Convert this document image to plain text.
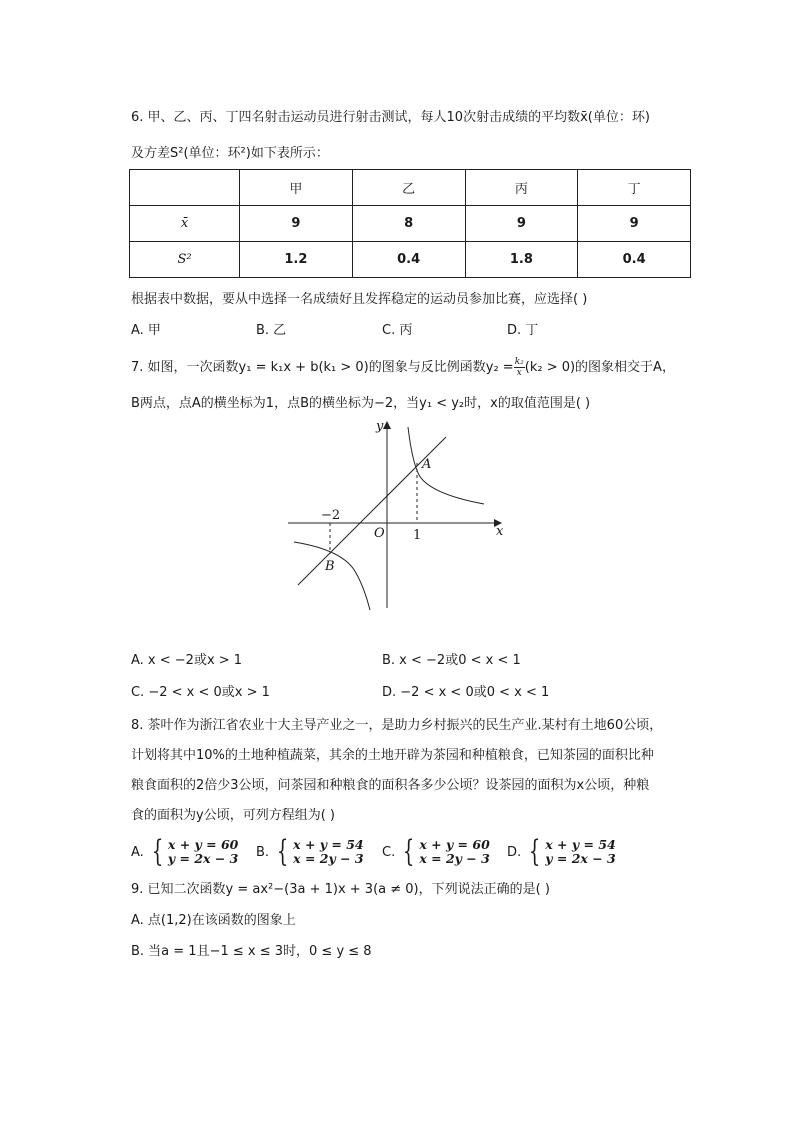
6. 甲、乙、丙、丁四名射击运动员进行射击测试，每人10次射击成绩的平均数x̄(单位：环)
及方差S²(单位：环²)如下表所示：
	甲	乙	丙	丁
x̄	9	8	9	9
S²	1.2	0.4	1.8	0.4
根据表中数据，要从中选择一名成绩好且发挥稳定的运动员参加比赛，应选择( )
A. 甲	B. 乙	C. 丙	D. 丁
7. 如图，一次函数y₁ = k₁x + b(k₁ > 0)的图象与反比例函数$y_2 = \frac{\text{k₂}}{x} (k_2 > 0)$的图象相交于A，
B两点，点A的横坐标为1，点B的横坐标为−2，当y₁ < y₂时，x的取值范围是( )
y
x
O
A
B
−2
1
A. x < −2或x > 1	B. x < −2或0 < x < 1
C. −2 < x < 0或x > 1	D. −2 < x < 0或0 < x < 1
8. 茶叶作为浙江省农业十大主导产业之一，是助力乡村振兴的民生产业.某村有土地60公顷，
计划将其中10%的土地种植蔬菜，其余的土地开辟为茶园和种植粮食，已知茶园的面积比种
粮食面积的2倍少3公顷，问茶园和种粮食的面积各多少公顷？设茶园的面积为x公顷，种粮
食的面积为y公顷，可列方程组为( )
A. { x + y = 60
y = 2x − 3 B. { x + y = 54
x = 2y − 3 C. { x + y = 60
x = 2y − 3 D. { x + y = 54
y = 2x − 3
9. 已知二次函数y = ax²−(3a + 1)x + 3(a ≠ 0)，下列说法正确的是( )
A. 点(1,2)在该函数的图象上
B. 当a = 1且−1 ≤ x ≤ 3时，0 ≤ y ≤ 8
